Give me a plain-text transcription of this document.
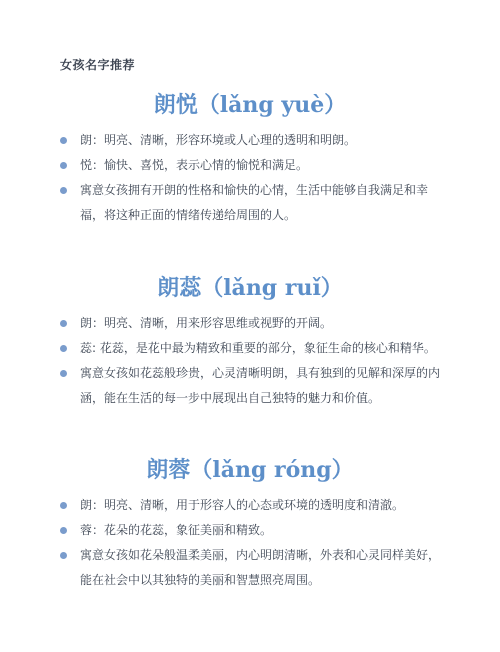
女孩名字推荐
朗悦（lǎng yuè）
朗：明亮、清晰，形容环境或人心理的透明和明朗。
悦：愉快、喜悦，表示心情的愉悦和满足。
寓意女孩拥有开朗的性格和愉快的心情，生活中能够自我满足和幸福，将这种正面的情绪传递给周围的人。
朗蕊（lǎng ruǐ）
朗：明亮、清晰，用来形容思维或视野的开阔。
蕊: 花蕊，是花中最为精致和重要的部分，象征生命的核心和精华。
寓意女孩如花蕊般珍贵，心灵清晰明朗，具有独到的见解和深厚的内涵，能在生活的每一步中展现出自己独特的魅力和价值。
朗蓉（lǎng róng）
朗：明亮、清晰，用于形容人的心态或环境的透明度和清澈。
蓉：花朵的花蕊，象征美丽和精致。
寓意女孩如花朵般温柔美丽，内心明朗清晰，外表和心灵同样美好，能在社会中以其独特的美丽和智慧照亮周围。
